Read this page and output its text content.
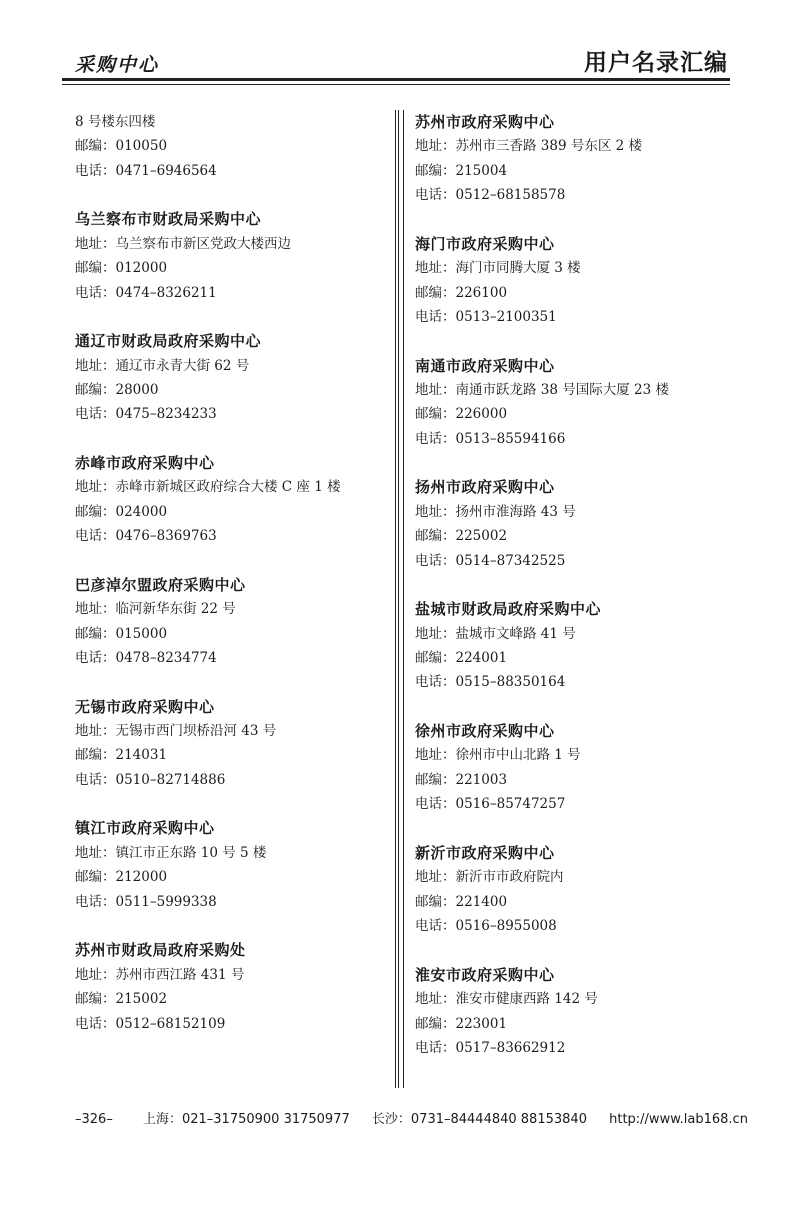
采购中心	用户名录汇编
8 号楼东四楼
邮编：010050
电话：0471–6946564
乌兰察布市财政局采购中心
地址：乌兰察布市新区党政大楼西边
邮编：012000
电话：0474–8326211
通辽市财政局政府采购中心
地址：通辽市永青大街 62 号
邮编：28000
电话：0475–8234233
赤峰市政府采购中心
地址：赤峰市新城区政府综合大楼 C 座 1 楼
邮编：024000
电话：0476–8369763
巴彦淖尔盟政府采购中心
地址：临河新华东街 22 号
邮编：015000
电话：0478–8234774
无锡市政府采购中心
地址：无锡市西门坝桥沿河 43 号
邮编：214031
电话：0510–82714886
镇江市政府采购中心
地址：镇江市正东路 10 号 5 楼
邮编：212000
电话：0511–5999338
苏州市财政局政府采购处
地址：苏州市西江路 431 号
邮编：215002
电话：0512–68152109
苏州市政府采购中心
地址：苏州市三香路 389 号东区 2 楼
邮编：215004
电话：0512–68158578
海门市政府采购中心
地址：海门市同腾大厦 3 楼
邮编：226100
电话：0513–2100351
南通市政府采购中心
地址：南通市跃龙路 38 号国际大厦 23 楼
邮编：226000
电话：0513–85594166
扬州市政府采购中心
地址：扬州市淮海路 43 号
邮编：225002
电话：0514–87342525
盐城市财政局政府采购中心
地址：盐城市文峰路 41 号
邮编：224001
电话：0515–88350164
徐州市政府采购中心
地址：徐州市中山北路 1 号
邮编：221003
电话：0516–85747257
新沂市政府采购中心
地址：新沂市市政府院内
邮编：221400
电话：0516–8955008
淮安市政府采购中心
地址：淮安市健康西路 142 号
邮编：223001
电话：0517–83662912
–326– 上海：021–31750900 31750977 长沙：0731–84444840 88153840 http://www.lab168.cn
